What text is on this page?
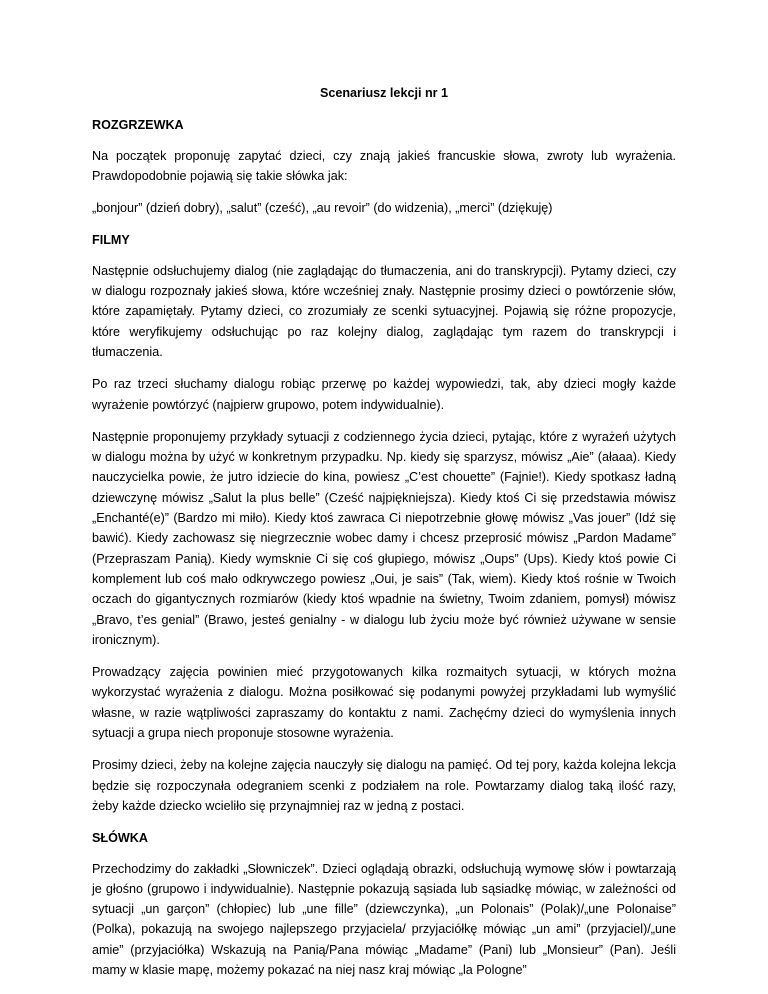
Scenariusz lekcji nr 1
ROZGRZEWKA

Na początek proponuję zapytać dzieci, czy znają jakieś francuskie słowa, zwroty lub wyrażenia. Prawdopodobnie pojawią się takie słówka jak:

„bonjour” (dzień dobry), „salut” (cześć), „au revoir” (do widzenia), „merci” (dziękuję)

FILMY

Następnie odsłuchujemy dialog (nie zaglądając do tłumaczenia, ani do transkrypcji). Pytamy dzieci, czy w dialogu rozpoznały jakieś słowa, które wcześniej znały. Następnie prosimy dzieci o powtórzenie słów, które zapamiętały. Pytamy dzieci, co zrozumiały ze scenki sytuacyjnej. Pojawią się różne propozycje, które weryfikujemy odsłuchując po raz kolejny dialog, zaglądając tym razem do transkrypcji i tłumaczenia.

Po raz trzeci słuchamy dialogu robiąc przerwę po każdej wypowiedzi, tak, aby dzieci mogły każde wyrażenie powtórzyć (najpierw grupowo, potem indywidualnie).

Następnie proponujemy przykłady sytuacji z codziennego życia dzieci, pytając, które z wyrażeń użytych w dialogu można by użyć w konkretnym przypadku. Np. kiedy się sparzysz, mówisz „Aie” (ałaaa). Kiedy nauczycielka powie, że jutro idziecie do kina, powiesz „C’est chouette” (Fajnie!). Kiedy spotkasz ładną dziewczynę mówisz „Salut la plus belle” (Cześć najpiękniejsza). Kiedy ktoś Ci się przedstawia mówisz „Enchanté(e)” (Bardzo mi miło). Kiedy ktoś zawraca Ci niepotrzebnie głowę mówisz „Vas jouer” (Idź się bawić). Kiedy zachowasz się niegrzecznie wobec damy i chcesz przeprosić mówisz „Pardon Madame” (Przepraszam Panią). Kiedy wymsknie Ci się coś głupiego, mówisz „Oups” (Ups). Kiedy ktoś powie Ci komplement lub coś mało odkrywczego powiesz „Oui, je sais” (Tak, wiem). Kiedy ktoś rośnie w Twoich oczach do gigantycznych rozmiarów (kiedy ktoś wpadnie na świetny, Twoim zdaniem, pomysł) mówisz „Bravo, t’es genial” (Brawo, jesteś genialny - w dialogu lub życiu może być również używane w sensie ironicznym).

Prowadzący zajęcia powinien mieć przygotowanych kilka rozmaitych sytuacji, w których można wykorzystać wyrażenia z dialogu. Można posiłkować się podanymi powyżej przykładami lub wymyślić własne, w razie wątpliwości zapraszamy do kontaktu z nami. Zachęćmy dzieci do wymyślenia innych sytuacji a grupa niech proponuje stosowne wyrażenia.

Prosimy dzieci, żeby na kolejne zajęcia nauczyły się dialogu na pamięć. Od tej pory, każda kolejna lekcja będzie się rozpoczynała odegraniem scenki z podziałem na role. Powtarzamy dialog taką ilość razy, żeby każde dziecko wcieliło się przynajmniej raz w jedną z postaci.

SŁÓWKA

Przechodzimy do zakładki „Słowniczek”. Dzieci oglądają obrazki, odsłuchują wymowę słów i powtarzają je głośno (grupowo i indywidualnie). Następnie pokazują sąsiada lub sąsiadkę mówiąc, w zależności od sytuacji „un garçon” (chłopiec) lub „une fille” (dziewczynka), „un Polonais” (Polak)/„une Polonaise” (Polka), pokazują na swojego najlepszego przyjaciela/ przyjaciółkę mówiąc „un ami” (przyjaciel)/„une amie” (przyjaciółka) Wskazują na Panią/Pana mówiąc „Madame” (Pani) lub „Monsieur” (Pan). Jeśli mamy w klasie mapę, możemy pokazać na niej nasz kraj mówiąc „la Pologne”
